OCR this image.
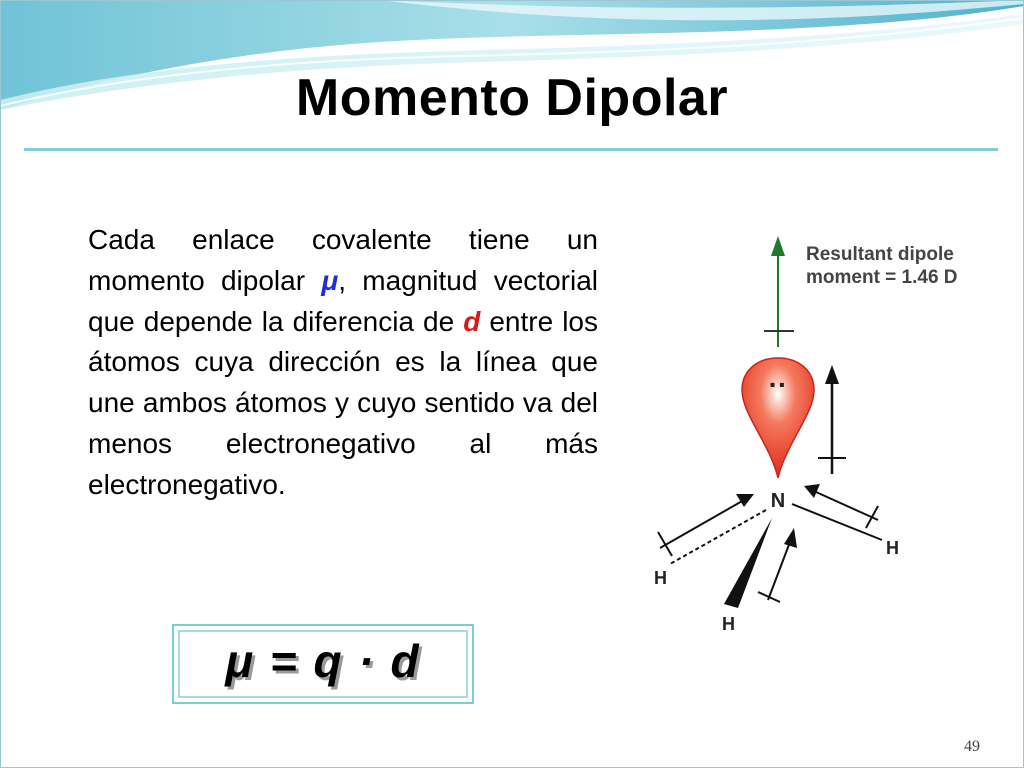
Momento Dipolar
Cada enlace covalente tiene un momento dipolar μ, magnitud vectorial que depende la diferencia de d entre los átomos cuya dirección es la línea que une ambos átomos y cuyo sentido va del menos electronegativo al más electronegativo.
μ = q · d
Resultant dipole
moment = 1.46 D
··
N
H
H
H
49
